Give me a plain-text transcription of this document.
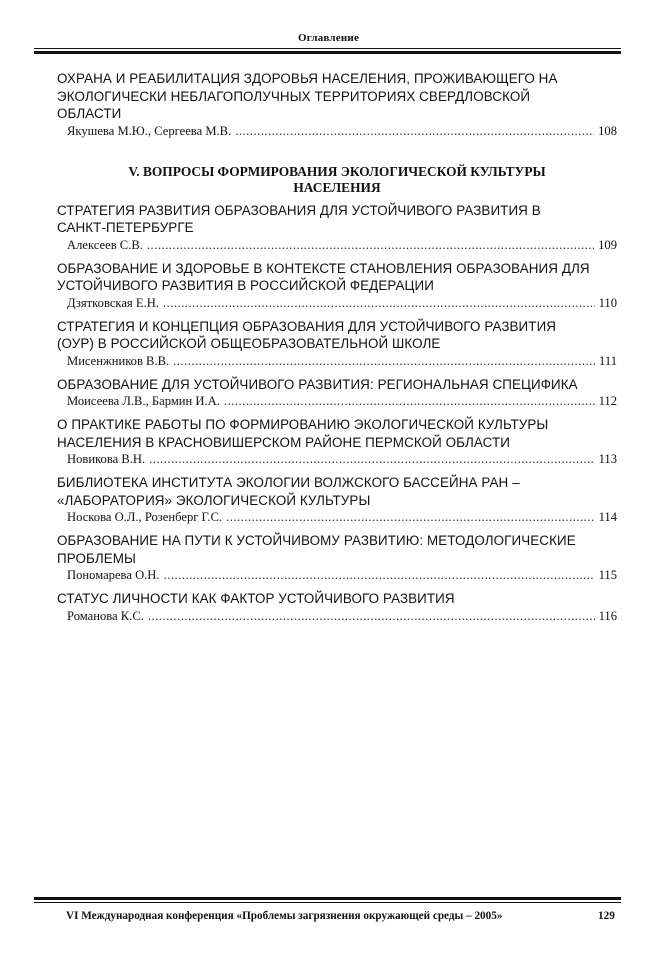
Оглавление
ОХРАНА И РЕАБИЛИТАЦИЯ ЗДОРОВЬЯ НАСЕЛЕНИЯ, ПРОЖИВАЮЩЕГО НА
ЭКОЛОГИЧЕСКИ НЕБЛАГОПОЛУЧНЫХ ТЕРРИТОРИЯХ СВЕРДЛОВСКОЙ
ОБЛАСТИ
Якушева М.Ю., Сергеева М.В. .....	108
V. ВОПРОСЫ ФОРМИРОВАНИЯ ЭКОЛОГИЧЕСКОЙ КУЛЬТУРЫ
НАСЕЛЕНИЯ
СТРАТЕГИЯ РАЗВИТИЯ ОБРАЗОВАНИЯ ДЛЯ УСТОЙЧИВОГО РАЗВИТИЯ В
САНКТ-ПЕТЕРБУРГЕ
Алексеев С.В. .....	109
ОБРАЗОВАНИЕ И ЗДОРОВЬЕ В КОНТЕКСТЕ СТАНОВЛЕНИЯ ОБРАЗОВАНИЯ ДЛЯ
УСТОЙЧИВОГО РАЗВИТИЯ В РОССИЙСКОЙ ФЕДЕРАЦИИ
Дзятковская Е.Н. .....	110
СТРАТЕГИЯ И КОНЦЕПЦИЯ ОБРАЗОВАНИЯ ДЛЯ УСТОЙЧИВОГО РАЗВИТИЯ
(ОУР) В РОССИЙСКОЙ ОБЩЕОБРАЗОВАТЕЛЬНОЙ ШКОЛЕ
Мисенжников В.В. .....	111
ОБРАЗОВАНИЕ ДЛЯ УСТОЙЧИВОГО РАЗВИТИЯ: РЕГИОНАЛЬНАЯ СПЕЦИФИКА
Моисеева Л.В., Бармин И.А. .....	112
О ПРАКТИКЕ РАБОТЫ ПО ФОРМИРОВАНИЮ ЭКОЛОГИЧЕСКОЙ КУЛЬТУРЫ
НАСЕЛЕНИЯ В КРАСНОВИШЕРСКОМ РАЙОНЕ ПЕРМСКОЙ ОБЛАСТИ
Новикова В.Н. .....	113
БИБЛИОТЕКА ИНСТИТУТА ЭКОЛОГИИ ВОЛЖСКОГО БАССЕЙНА РАН –
«ЛАБОРАТОРИЯ» ЭКОЛОГИЧЕСКОЙ КУЛЬТУРЫ
Носкова О.Л., Розенберг Г.С. .....	114
ОБРАЗОВАНИЕ НА ПУТИ К УСТОЙЧИВОМУ РАЗВИТИЮ: МЕТОДОЛОГИЧЕСКИЕ
ПРОБЛЕМЫ
Пономарева О.Н. .....	115
СТАТУС ЛИЧНОСТИ КАК ФАКТОР УСТОЙЧИВОГО РАЗВИТИЯ
Романова К.С. .....	116
VI Международная конференция «Проблемы загрязнения окружающей среды – 2005»	129
